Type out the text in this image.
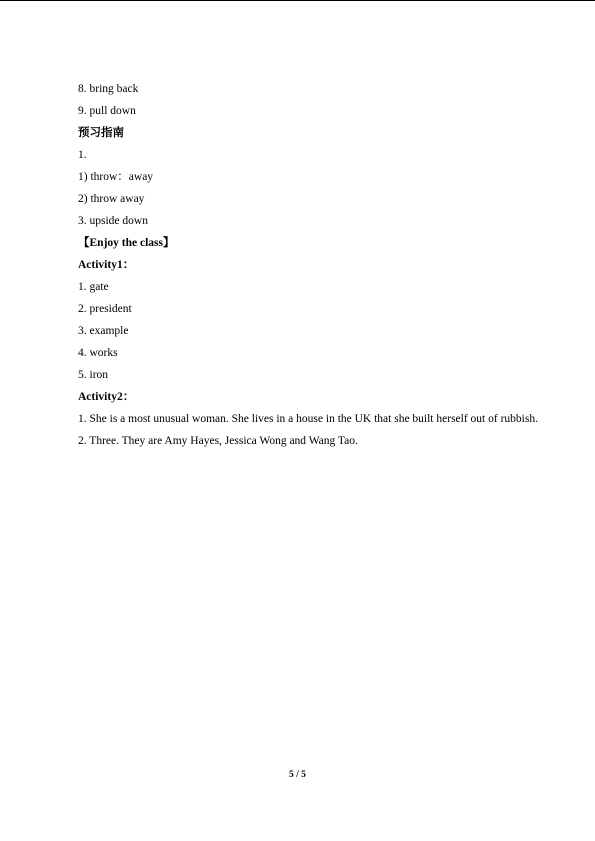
8. bring back
9. pull down
预习指南
1.
1) throw：away
2) throw away
3. upside down
【Enjoy the class】
Activity1：
1. gate
2. president
3. example
4. works
5. iron
Activity2：
1. She is a most unusual woman. She lives in a house in the UK that she built herself out of rubbish.
2. Three. They are Amy Hayes, Jessica Wong and Wang Tao.
5 / 5
